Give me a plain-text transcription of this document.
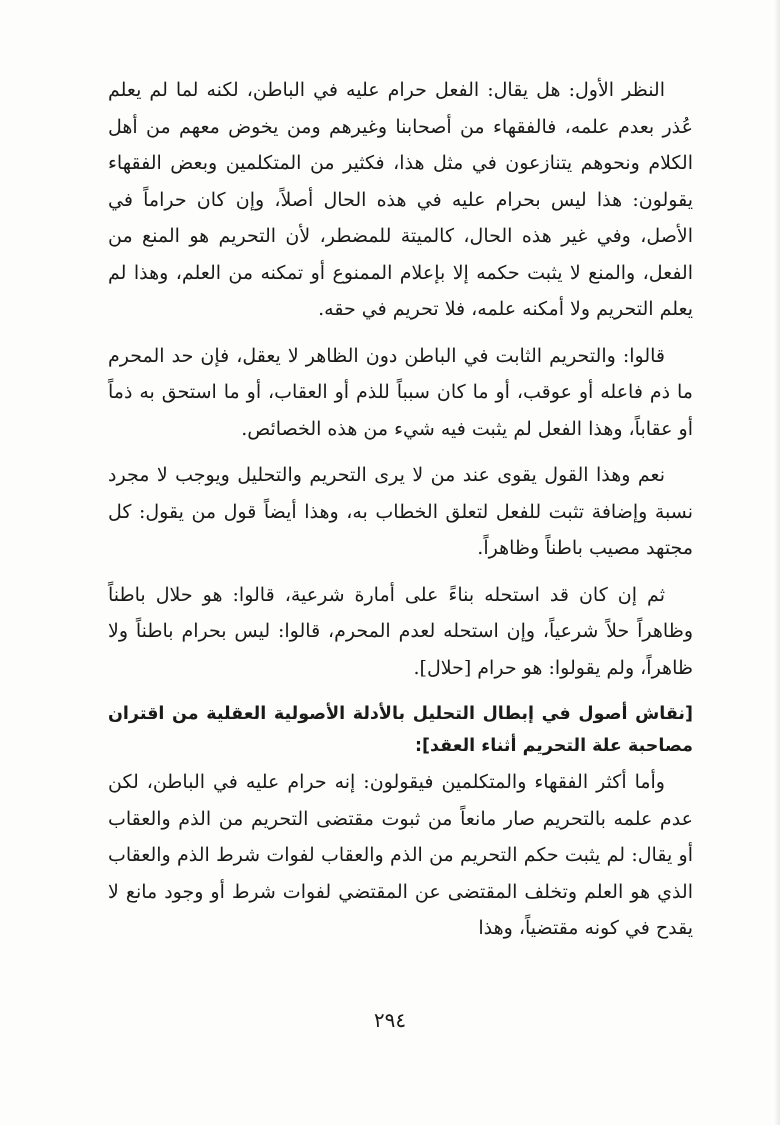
النظر الأول: هل يقال: الفعل حرام عليه في الباطن، لكنه لما لم يعلم عُذر بعدم علمه، فالفقهاء من أصحابنا وغيرهم ومن يخوض معهم من أهل الكلام ونحوهم يتنازعون في مثل هذا، فكثير من المتكلمين وبعض الفقهاء يقولون: هذا ليس بحرام عليه في هذه الحال أصلاً، وإن كان حراماً في الأصل، وفي غير هذه الحال، كالميتة للمضطر، لأن التحريم هو المنع من الفعل، والمنع لا يثبت حكمه إلا بإعلام الممنوع أو تمكنه من العلم، وهذا لم يعلم التحريم ولا أمكنه علمه، فلا تحريم في حقه.

قالوا: والتحريم الثابت في الباطن دون الظاهر لا يعقل، فإن حد المحرم ما ذم فاعله أو عوقب، أو ما كان سبباً للذم أو العقاب، أو ما استحق به ذماً أو عقاباً، وهذا الفعل لم يثبت فيه شيء من هذه الخصائص.

نعم وهذا القول يقوى عند من لا يرى التحريم والتحليل ويوجب لا مجرد نسبة وإضافة تثبت للفعل لتعلق الخطاب به، وهذا أيضاً قول من يقول: كل مجتهد مصيب باطناً وظاهراً.

ثم إن كان قد استحله بناءً على أمارة شرعية، قالوا: هو حلال باطناً وظاهراً حلاً شرعياً، وإن استحله لعدم المحرم، قالوا: ليس بحرام باطناً ولا ظاهراً، ولم يقولوا: هو حرام [حلال].

[نقاش أصول في إبطال التحليل بالأدلة الأصولية العقلية من اقتران مصاحبة علة التحريم أثناء العقد]:

وأما أكثر الفقهاء والمتكلمين فيقولون: إنه حرام عليه في الباطن، لكن عدم علمه بالتحريم صار مانعاً من ثبوت مقتضى التحريم من الذم والعقاب أو يقال: لم يثبت حكم التحريم من الذم والعقاب لفوات شرط الذم والعقاب الذي هو العلم وتخلف المقتضى عن المقتضي لفوات شرط أو وجود مانع لا يقدح في كونه مقتضياً، وهذا

٢٩٤
